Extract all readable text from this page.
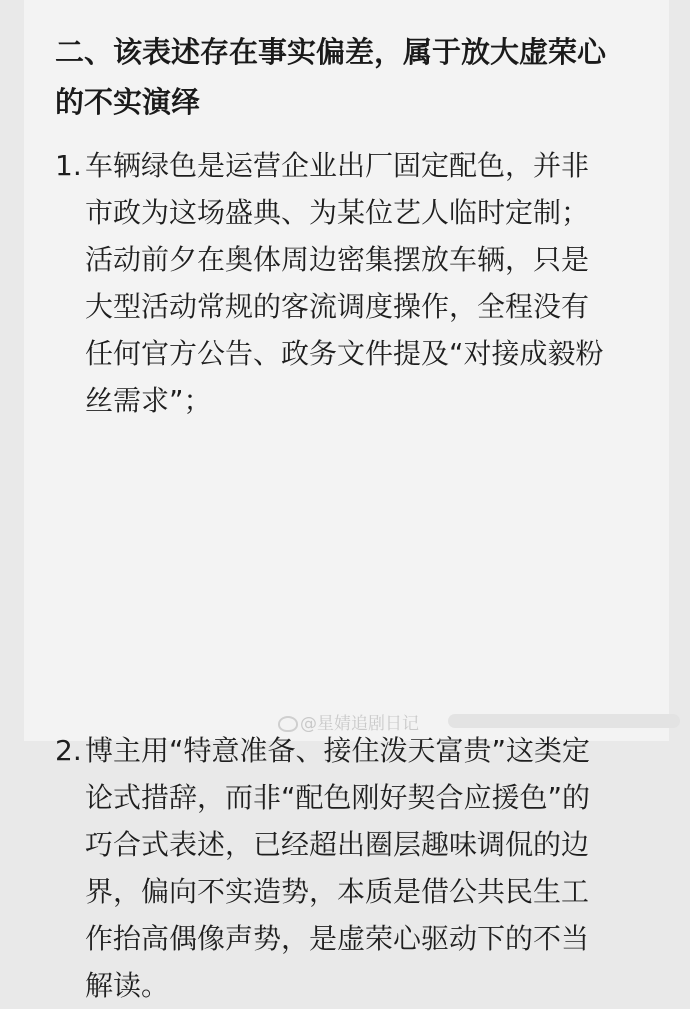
二、该表述存在事实偏差，属于放大虚荣心
的不实演绎
1. 车辆绿色是运营企业出厂固定配色，并非
市政为这场盛典、为某位艺人临时定制；
活动前夕在奥体周边密集摆放车辆，只是
大型活动常规的客流调度操作，全程没有
任何官方公告、政务文件提及“对接成毅粉
丝需求”；
2. 博主用“特意准备、接住泼天富贵”这类定
论式措辞，而非“配色刚好契合应援色”的
巧合式表述，已经超出圈层趣味调侃的边
界，偏向不实造势，本质是借公共民生工
作抬高偶像声势，是虚荣心驱动下的不当
解读。
@星婧追剧日记
